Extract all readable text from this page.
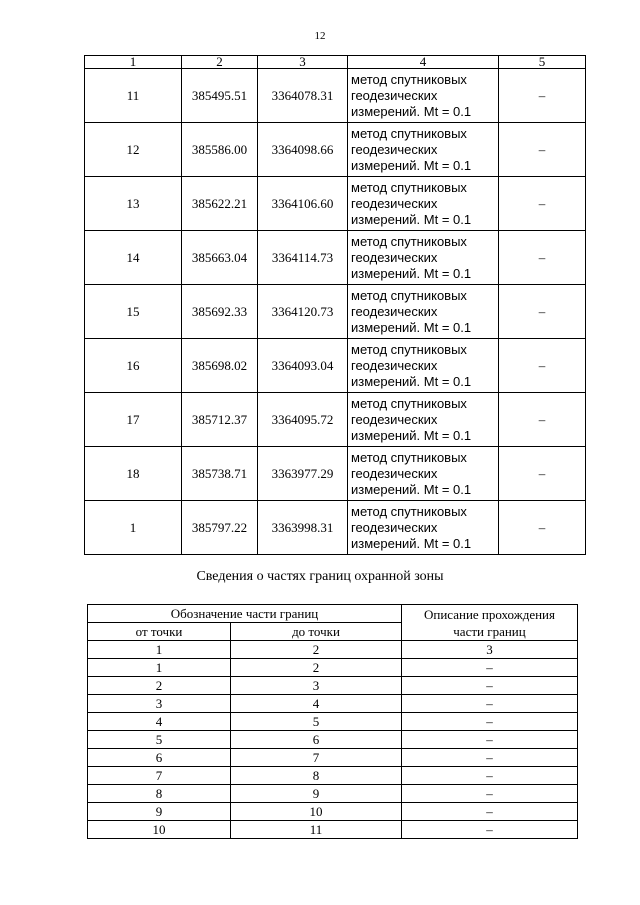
12
1	2	3	4	5
11	385495.51	3364078.31	метод спутниковых
геодезических
измерений. Mt = 0.1	–
12	385586.00	3364098.66	метод спутниковых
геодезических
измерений. Mt = 0.1	–
13	385622.21	3364106.60	метод спутниковых
геодезических
измерений. Mt = 0.1	–
14	385663.04	3364114.73	метод спутниковых
геодезических
измерений. Mt = 0.1	–
15	385692.33	3364120.73	метод спутниковых
геодезических
измерений. Mt = 0.1	–
16	385698.02	3364093.04	метод спутниковых
геодезических
измерений. Mt = 0.1	–
17	385712.37	3364095.72	метод спутниковых
геодезических
измерений. Mt = 0.1	–
18	385738.71	3363977.29	метод спутниковых
геодезических
измерений. Mt = 0.1	–
1	385797.22	3363998.31	метод спутниковых
геодезических
измерений. Mt = 0.1	–
Сведения о частях границ охранной зоны
Обозначение части границ		Описание прохождения
части границ
от точки	до точки	
1	2	3
1	2	–
2	3	–
3	4	–
4	5	–
5	6	–
6	7	–
7	8	–
8	9	–
9	10	–
10	11	–
